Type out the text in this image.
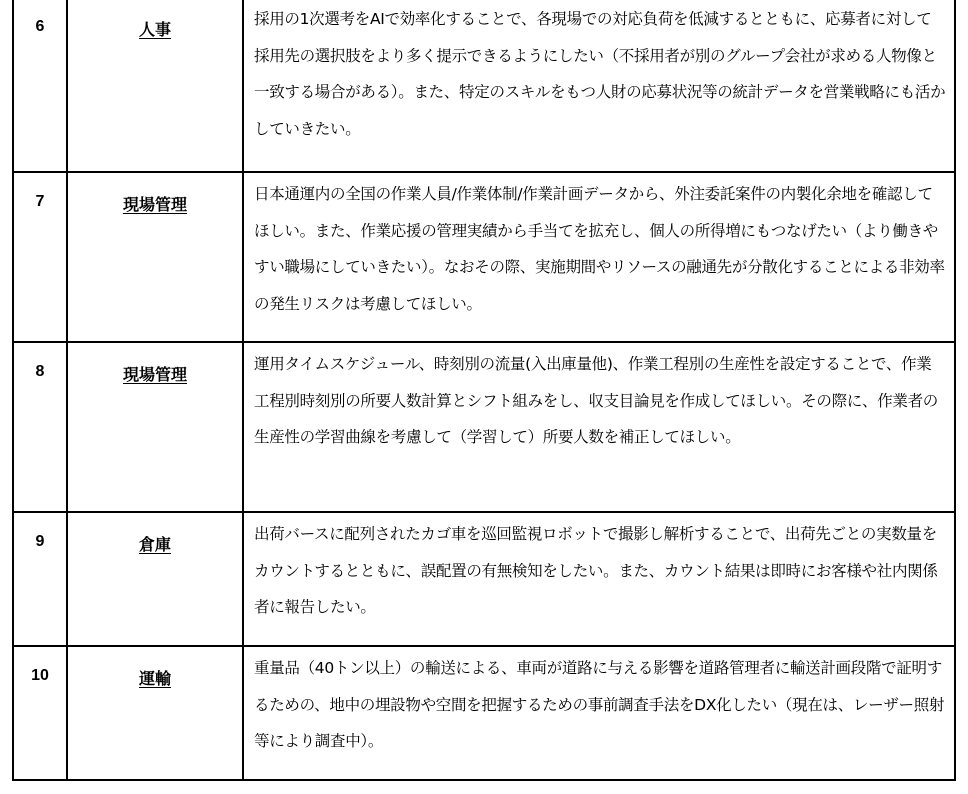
6	人事	採用の1次選考をAIで効率化することで、各現場での対応負荷を低減するとともに、応募者に対して採用先の選択肢をより多く提示できるようにしたい（不採用者が別のグループ会社が求める人物像と一致する場合がある）。また、特定のスキルをもつ人財の応募状況等の統計データを営業戦略にも活かしていきたい。
7	現場管理	日本通運内の全国の作業人員/作業体制/作業計画データから、外注委託案件の内製化余地を確認してほしい。また、作業応援の管理実績から手当てを拡充し、個人の所得増にもつなげたい（より働きやすい職場にしていきたい）。なおその際、実施期間やリソースの融通先が分散化することによる非効率の発生リスクは考慮してほしい。
8	現場管理	運用タイムスケジュール、時刻別の流量(入出庫量他)、作業工程別の生産性を設定することで、作業工程別時刻別の所要人数計算とシフト組みをし、収支目論見を作成してほしい。その際に、作業者の生産性の学習曲線を考慮して（学習して）所要人数を補正してほしい。
9	倉庫	出荷バースに配列されたカゴ車を巡回監視ロボットで撮影し解析することで、出荷先ごとの実数量をカウントするとともに、誤配置の有無検知をしたい。また、カウント結果は即時にお客様や社内関係者に報告したい。
10	運輸	重量品（40トン以上）の輸送による、車両が道路に与える影響を道路管理者に輸送計画段階で証明するための、地中の埋設物や空間を把握するための事前調査手法をDX化したい（現在は、レーザー照射等により調査中）。
